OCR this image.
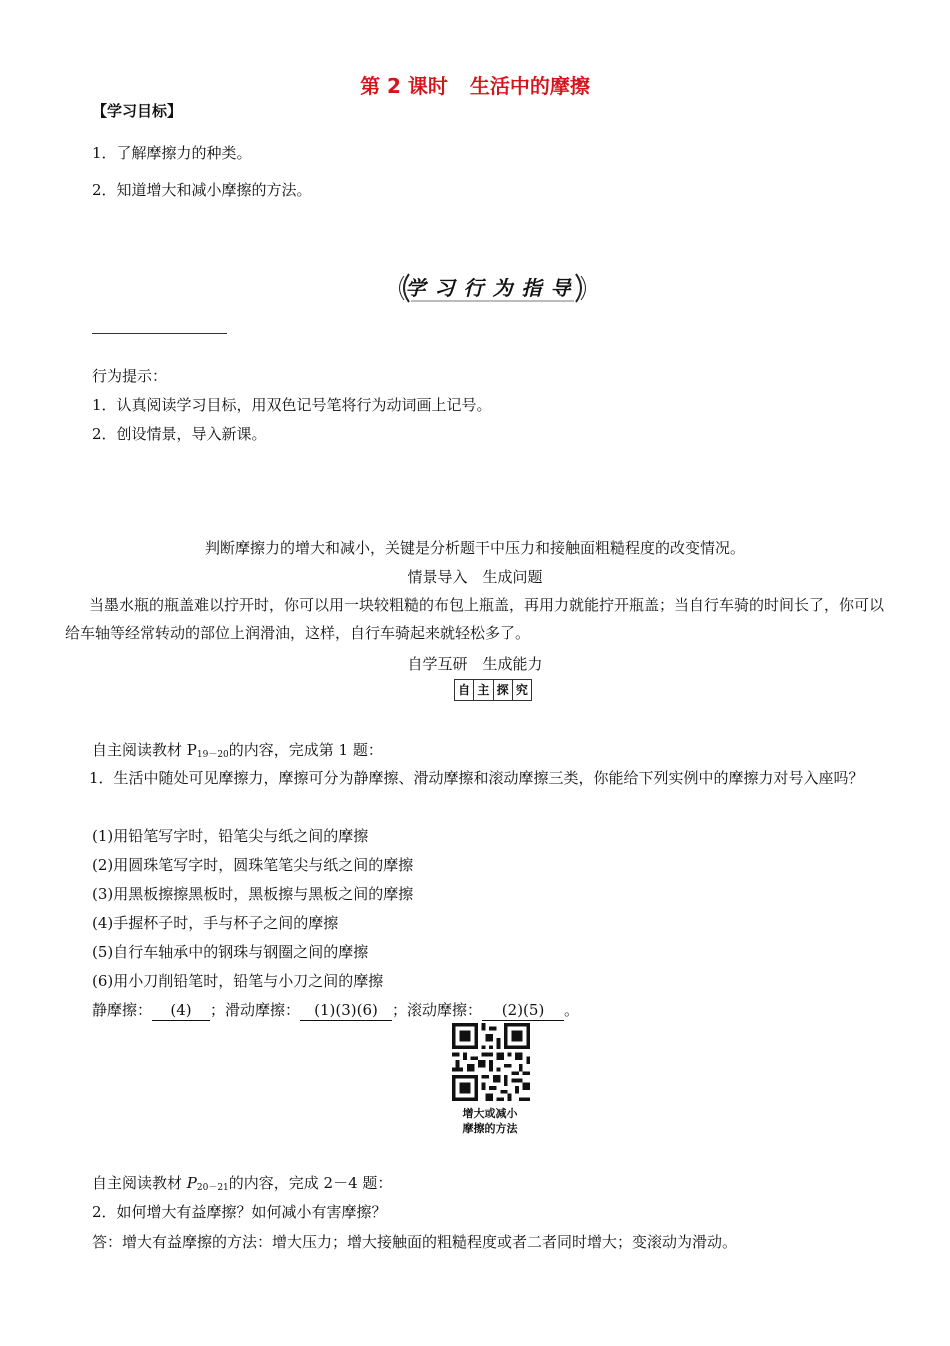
第 2 课时 生活中的摩擦
【学习目标】
1．了解摩擦力的种类。
2．知道增大和减小摩擦的方法。
学习行为指导
行为提示：
1．认真阅读学习目标，用双色记号笔将行为动词画上记号。
2．创设情景，导入新课。
判断摩擦力的增大和减小，关键是分析题干中压力和接触面粗糙程度的改变情况。
情景导入　生成问题
当墨水瓶的瓶盖难以拧开时，你可以用一块较粗糙的布包上瓶盖，再用力就能拧开瓶盖；当自行车骑的时间长了，你可以给车轴等经常转动的部位上润滑油，这样，自行车骑起来就轻松多了。
自学互研　生成能力
自 主 探 究
自主阅读教材 $P_{19-20}$的内容，完成第 1 题：
1．生活中随处可见摩擦力，摩擦可分为静摩擦、滑动摩擦和滚动摩擦三类，你能给下列实例中的摩擦力对号入座吗？
(1)用铅笔写字时，铅笔尖与纸之间的摩擦
(2)用圆珠笔写字时，圆珠笔笔尖与纸之间的摩擦
(3)用黑板擦擦黑板时，黑板擦与黑板之间的摩擦
(4)手握杯子时，手与杯子之间的摩擦
(5)自行车轴承中的钢珠与钢圈之间的摩擦
(6)用小刀削铅笔时，铅笔与小刀之间的摩擦
静摩擦： (4) ；滑动摩擦： (1)(3)(6) ；滚动摩擦： (2)(5) 。
增大或减小
摩擦的方法
自主阅读教材 $P_{20-21}$的内容，完成 2－4 题：
2．如何增大有益摩擦？如何减小有害摩擦？
答：增大有益摩擦的方法：增大压力；增大接触面的粗糙程度或者二者同时增大；变滚动为滑动。
